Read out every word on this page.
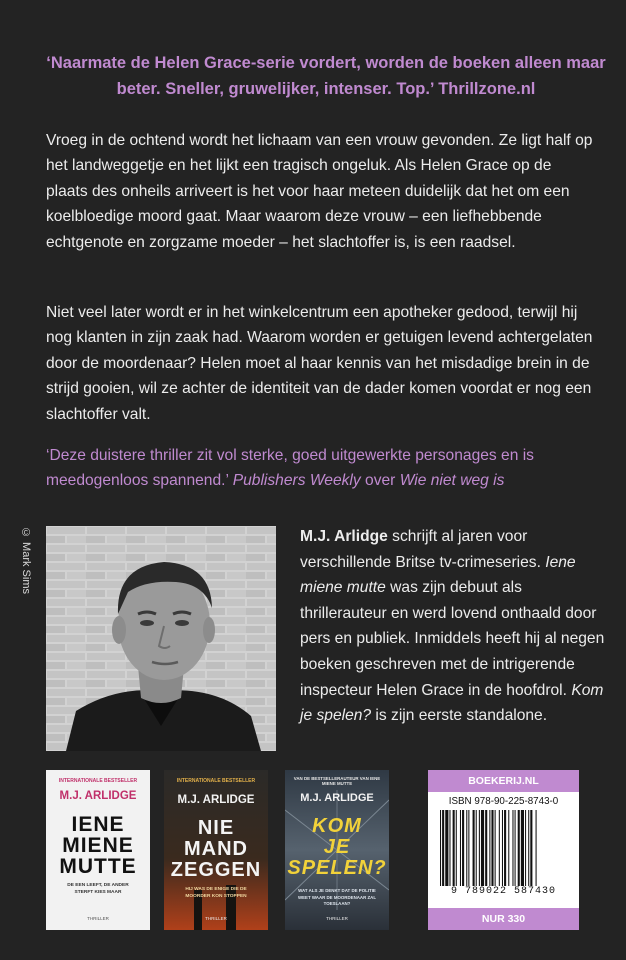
‘Naarmate de Helen Grace-serie vordert, worden de boeken alleen maar beter. Sneller, gruwelijker, intenser. Top.’ Thrillzone.nl

Vroeg in de ochtend wordt het lichaam van een vrouw gevonden. Ze ligt half op het landweggetje en het lijkt een tragisch ongeluk. Als Helen Grace op de plaats des onheils arriveert is het voor haar meteen duidelijk dat het om een koelbloedige moord gaat. Maar waarom deze vrouw – een liefhebbende echtgenote en zorgzame moeder – het slachtoffer is, is een raadsel.

Niet veel later wordt er in het winkelcentrum een apotheker gedood, terwijl hij nog klanten in zijn zaak had. Waarom worden er getuigen levend achtergelaten door de moordenaar? Helen moet al haar kennis van het misdadige brein in de strijd gooien, wil ze achter de identiteit van de dader komen voordat er nog een slachtoffer valt.

‘Deze duistere thriller zit vol sterke, goed uitgewerkte personages en is meedogenloos spannend.’ Publishers Weekly over Wie niet weg is

© Mark Sims	M.J. Arlidge schrijft al jaren voor verschillende Britse tv-crimeseries. Iene miene mutte was zijn debuut als thrillerauteur en werd lovend onthaald door pers en publiek. Inmiddels heeft hij al negen boeken geschreven met de intrigerende inspecteur Helen Grace in de hoofdrol. Kom je spelen? is zijn eerste standalone.

INTERNATIONALE BESTSELLER
M.J. ARLIDGE
IENE
MIENE
MUTTE
DE EEN LEEFT, DE ANDER STERFT KIES MAAR
THRILLER
INTERNATIONALE BESTSELLER
M.J. ARLIDGE
NIE
MAND
ZEGGEN
HIJ WAS DE ENIGE DIE DE MOORDER KON STOPPEN
THRILLER
VAN DE BESTSELLERAUTEUR VAN IENE MIENE MUTTE
M.J. ARLIDGE
KOM
JE
SPELEN?
WAT ALS JE DENKT DAT DE POLITIE WEET WAAR DE MOORDENAAR ZAL TOESLAAN?
THRILLER
BOEKERIJ.NL
ISBN 978-90-225-8743-0
9 789022 587430
NUR 330
